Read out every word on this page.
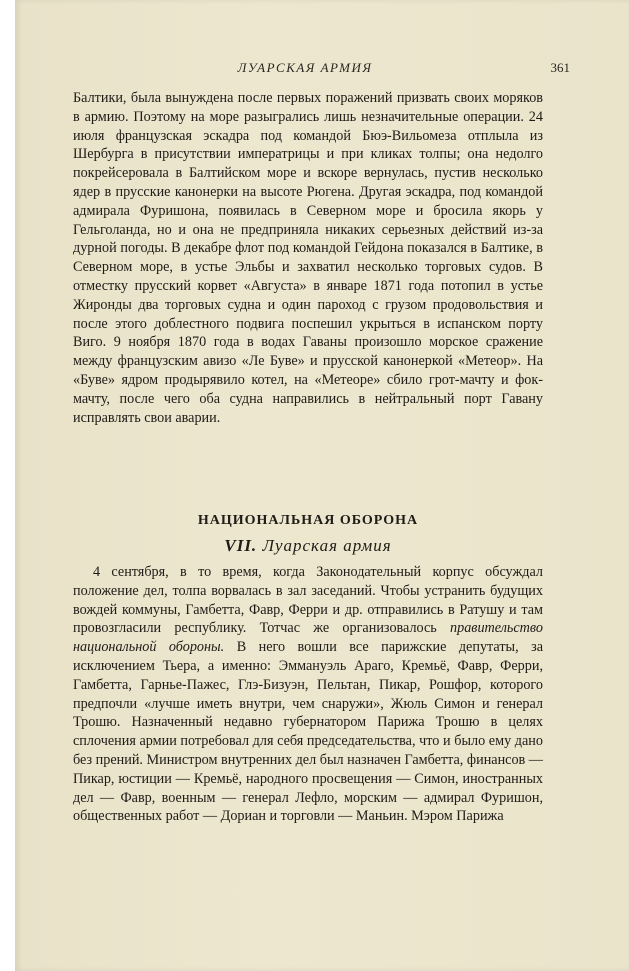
ЛУАРСКАЯ АРМИЯ	361

Балтики, была вынуждена после первых поражений призвать своих моряков в армию. Поэтому на море разыгрались лишь незначительные операции. 24 июля французская эскадра под командой Бюэ-Вильомеза отплыла из Шербурга в присутствии императрицы и при кликах толпы; она недолго покрейсеровала в Балтийском море и вскоре вернулась, пустив несколько ядер в прусские канонерки на высоте Рюгена. Другая эскадра, под командой адмирала Фуришона, появилась в Северном море и бросила якорь у Гельголанда, но и она не предприняла никаких серьезных действий из-за дурной погоды. В декабре флот под командой Гейдона показался в Балтике, в Северном море, в устье Эльбы и захватил несколько торговых судов. В отместку прусский корвет «Августа» в январе 1871 года потопил в устье Жиронды два торговых судна и один пароход с грузом продовольствия и после этого доблестного подвига поспешил укрыться в испанском порту Виго. 9 ноября 1870 года в водах Гаваны произошло морское сражение между французским авизо «Ле Буве» и прусской канонеркой «Метеор». На «Буве» ядром продырявило котел, на «Метеоре» сбило грот-мачту и фок-мачту, после чего оба судна направились в нейтральный порт Гавану исправлять свои аварии.

НАЦИОНАЛЬНАЯ ОБОРОНА
VII. Луарская армия

4 сентября, в то время, когда Законодательный корпус обсуждал положение дел, толпа ворвалась в зал заседаний. Чтобы устранить будущих вождей коммуны, Гамбетта, Фавр, Ферри и др. отправились в Ратушу и там провозгласили республику. Тотчас же организовалось правительство национальной обороны. В него вошли все парижские депутаты, за исключением Тьера, а именно: Эммануэль Араго, Кремьё, Фавр, Ферри, Гамбетта, Гарнье-Пажес, Глэ-Бизуэн, Пельтан, Пикар, Рошфор, которого предпочли «лучше иметь внутри, чем снаружи», Жюль Симон и генерал Трошю. Назначенный недавно губернатором Парижа Трошю в целях сплочения армии потребовал для себя председательства, что и было ему дано без прений. Министром внутренних дел был назначен Гамбетта, финансов — Пикар, юстиции — Кремьё, народного просвещения — Симон, иностранных дел — Фавр, военным — генерал Лефло, морским — адмирал Фуришон, общественных работ — Дориан и торговли — Маньин. Мэром Парижа
